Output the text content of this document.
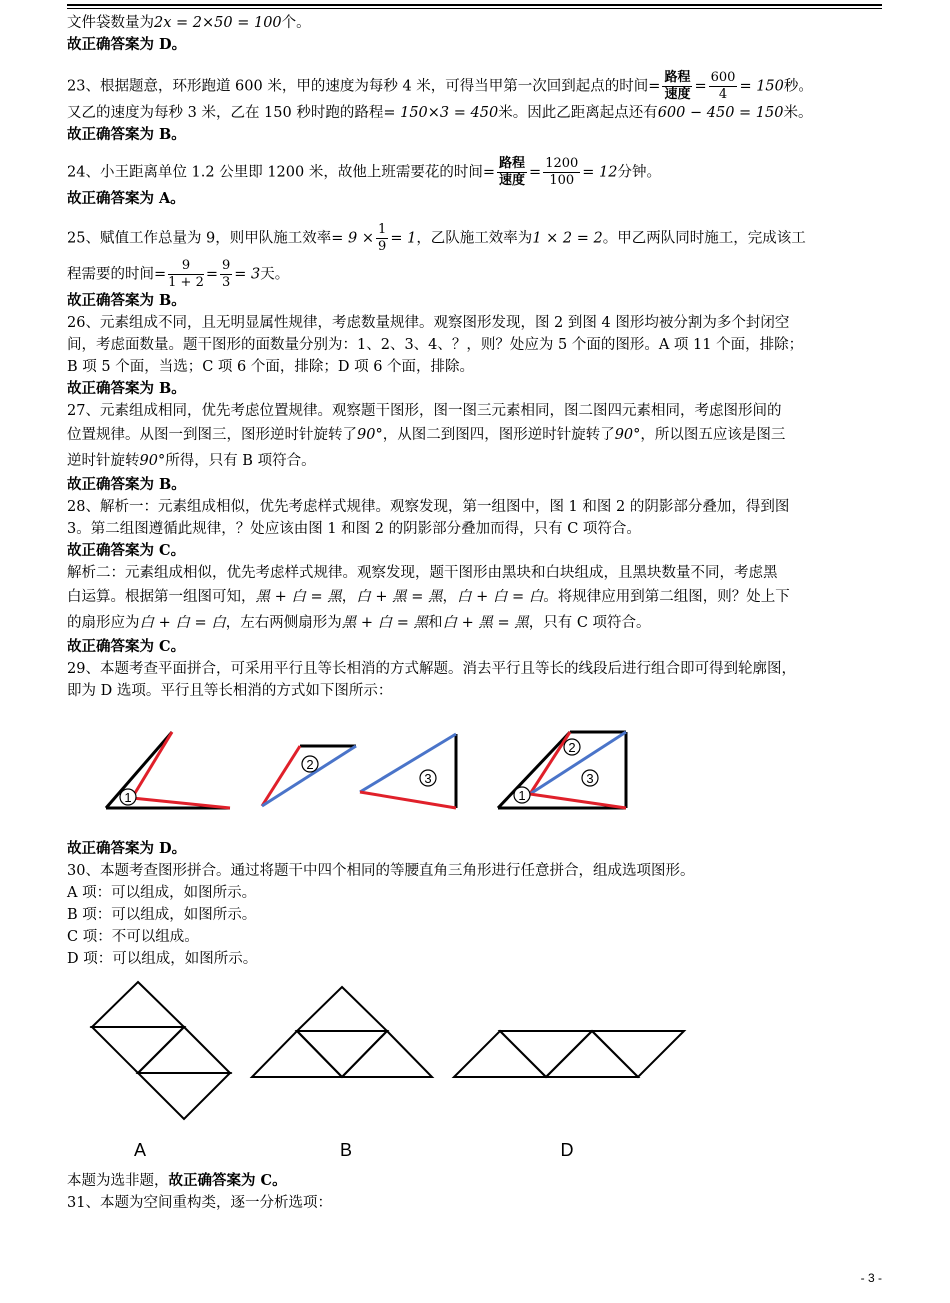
文件袋数量为2x = 2×50 = 100个。
故正确答案为 D。
23、根据题意，环形跑道 600 米，甲的速度为每秒 4 米，可得当甲第一次回到起点的时间= $\frac{\text{路程}}{\text{速度}} = \frac{600}{4} = 150$秒。
又乙的速度为每秒 3 米，乙在 150 秒时跑的路程= 150×3 = 450米。因此乙距离起点还有600 − 450 = 150米。
故正确答案为 B。
24、小王距离单位 1.2 公里即 1200 米，故他上班需要花的时间= $\frac{\text{路程}}{\text{速度}} = \frac{1200}{100} = 12$分钟。
故正确答案为 A。
25、赋值工作总量为 9，则甲队施工效率= $9 \times \frac{1}{9} = 1$，乙队施工效率为1 × 2 = 2。甲乙两队同时施工，完成该工
程需要的时间= $\frac{9}{1 + 2} = \frac{9}{3} = 3$天。
故正确答案为 B。
26、元素组成不同，且无明显属性规律，考虑数量规律。观察图形发现，图 2 到图 4 图形均被分割为多个封闭空
间，考虑面数量。题干图形的面数量分别为：1、2、3、4、？，则？处应为 5 个面的图形。A 项 11 个面，排除；
B 项 5 个面，当选；C 项 6 个面，排除；D 项 6 个面，排除。
故正确答案为 B。
27、元素组成相同，优先考虑位置规律。观察题干图形，图一图三元素相同，图二图四元素相同，考虑图形间的
位置规律。从图一到图三，图形逆时针旋转了90°，从图二到图四，图形逆时针旋转了90°，所以图五应该是图三
逆时针旋转90°所得，只有 B 项符合。
故正确答案为 B。
28、解析一：元素组成相似，优先考虑样式规律。观察发现，第一组图中，图 1 和图 2 的阴影部分叠加，得到图
3。第二组图遵循此规律，？处应该由图 1 和图 2 的阴影部分叠加而得，只有 C 项符合。
故正确答案为 C。
解析二：元素组成相似，优先考虑样式规律。观察发现，题干图形由黑块和白块组成，且黑块数量不同，考虑黑
白运算。根据第一组图可知，黑 + 白 = 黑，白 + 黑 = 黑，白 + 白 = 白。将规律应用到第二组图，则？处上下
的扇形应为白 + 白 = 白，左右两侧扇形为黑 + 白 = 黑和白 + 黑 = 黑，只有 C 项符合。
故正确答案为 C。
29、本题考查平面拼合，可采用平行且等长相消的方式解题。消去平行且等长的线段后进行组合即可得到轮廓图，
即为 D 选项。平行且等长相消的方式如下图所示：
1
2
3
2
3
1
故正确答案为 D。
30、本题考查图形拼合。通过将题干中四个相同的等腰直角三角形进行任意拼合，组成选项图形。
A 项：可以组成，如图所示。
B 项：可以组成，如图所示。
C 项：不可以组成。
D 项：可以组成，如图所示。
A	B	D
本题为选非题，故正确答案为 C。
31、本题为空间重构类，逐一分析选项：
- 3 -
